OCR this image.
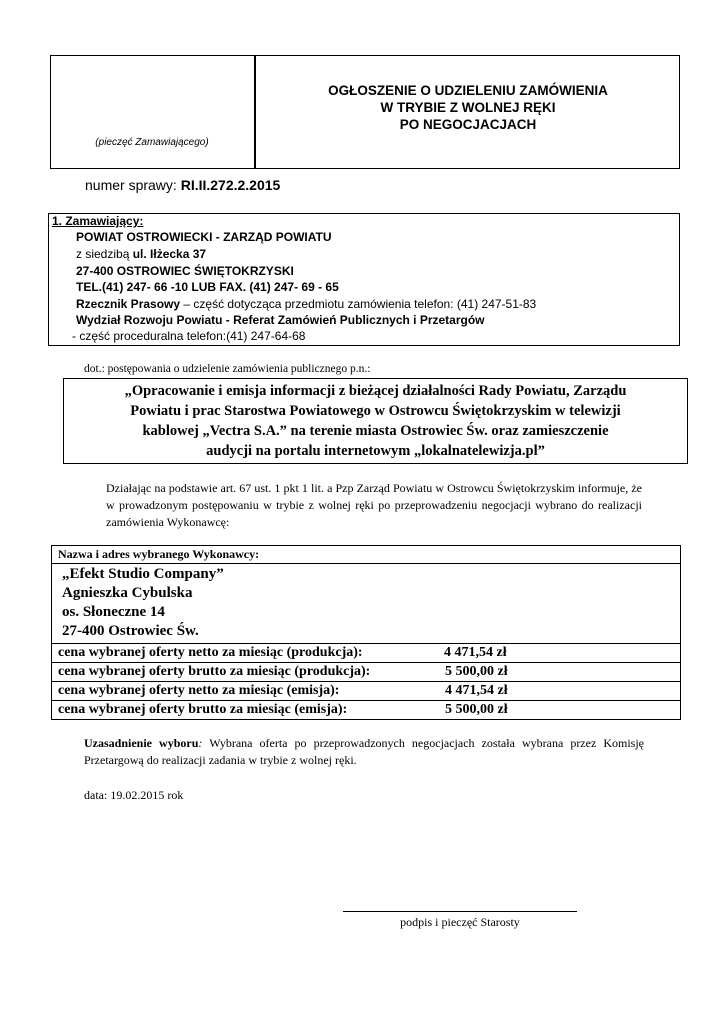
(pieczęć Zamawiającego)
OGŁOSZENIE O UDZIELENIU ZAMÓWIENIA
W TRYBIE Z WOLNEJ RĘKI
PO NEGOCJACJACH
numer sprawy: RI.II.272.2.2015
1. Zamawiający:
POWIAT OSTROWIECKI - ZARZĄD POWIATU
z siedzibą ul. Iłżecka 37
27-400 OSTROWIEC ŚWIĘTOKRZYSKI
TEL.(41) 247- 66 -10 LUB FAX. (41) 247- 69 - 65
Rzecznik Prasowy – część dotycząca przedmiotu zamówienia telefon: (41) 247-51-83
Wydział Rozwoju Powiatu - Referat Zamówień Publicznych i Przetargów
- część proceduralna telefon:(41) 247-64-68
dot.: postępowania o udzielenie zamówienia publicznego p.n.:
„Opracowanie i emisja informacji z bieżącej działalności Rady Powiatu, Zarządu
Powiatu i prac Starostwa Powiatowego w Ostrowcu Świętokrzyskim w telewizji
kablowej „Vectra S.A.” na terenie miasta Ostrowiec Św. oraz zamieszczenie
audycji na portalu internetowym „lokalnatelewizja.pl”
Działając na podstawie art. 67 ust. 1 pkt 1 lit. a Pzp Zarząd Powiatu w Ostrowcu Świętokrzyskim informuje, że w prowadzonym postępowaniu w trybie z wolnej ręki po przeprowadzeniu negocjacji wybrano do realizacji zamówienia Wykonawcę:
Nazwa i adres wybranego Wykonawcy:
„Efekt Studio Company”
Agnieszka Cybulska
os. Słoneczne 14
27-400 Ostrowiec Św.
cena wybranej oferty netto za miesiąc (produkcja):	4 471,54 zł
cena wybranej oferty brutto za miesiąc (produkcja):	5 500,00 zł
cena wybranej oferty netto za miesiąc (emisja):	4 471,54 zł
cena wybranej oferty brutto za miesiąc (emisja):	5 500,00 zł
Uzasadnienie wyboru: Wybrana oferta po przeprowadzonych negocjacjach została wybrana przez Komisję Przetargową do realizacji zadania w trybie z wolnej ręki.
data: 19.02.2015 rok
podpis i pieczęć Starosty
